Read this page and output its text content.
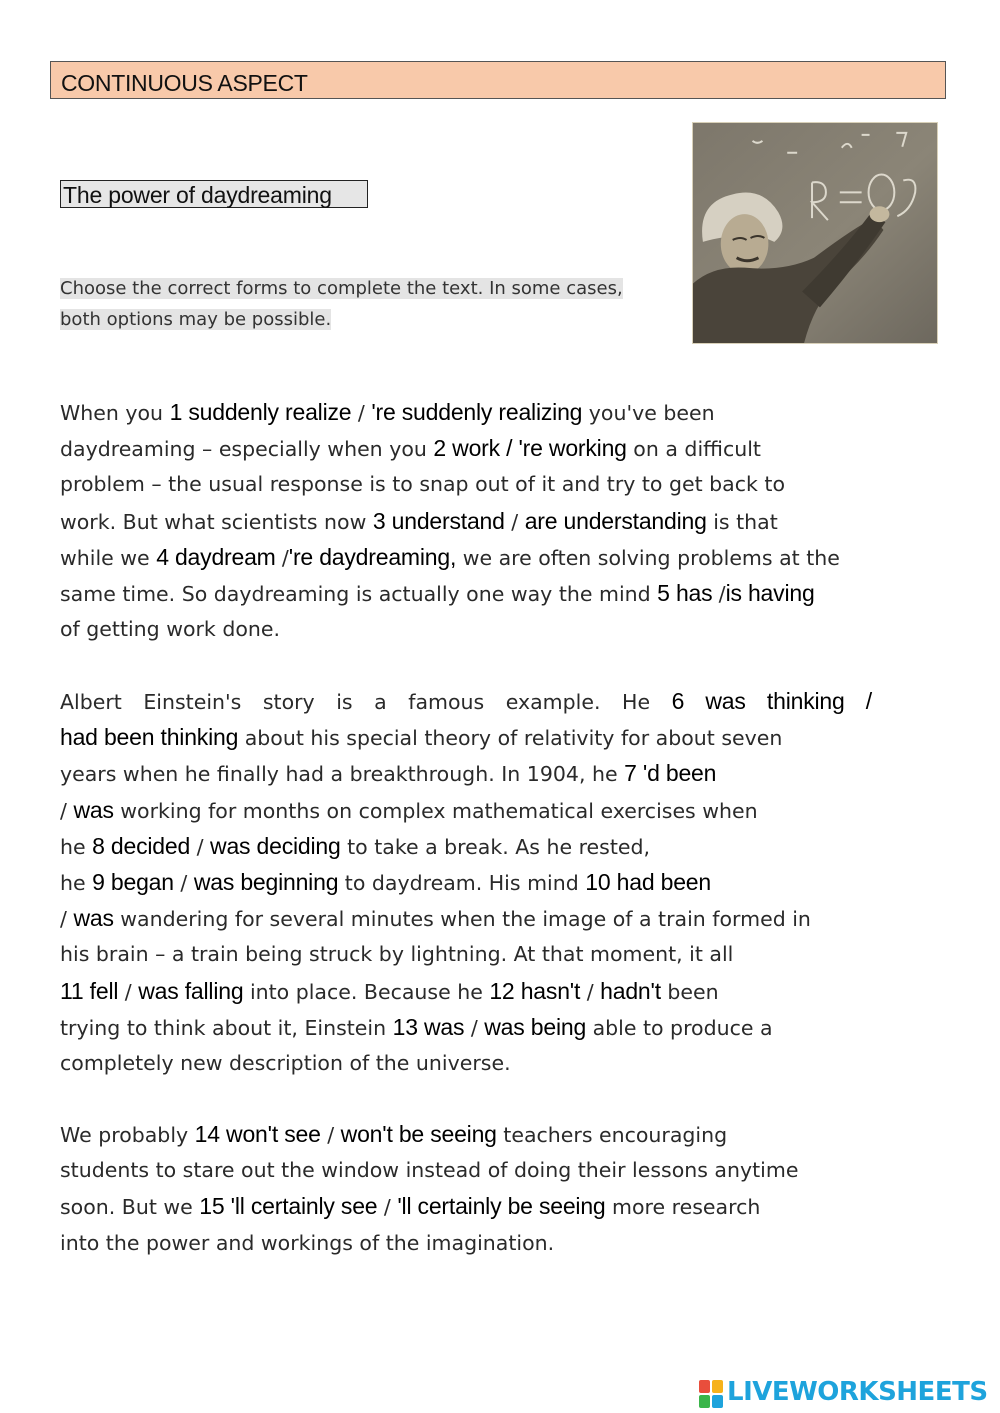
CONTINUOUS ASPECT
The power of daydreaming
Choose the correct forms to complete the text. In some cases,
both options may be possible.
When you 1 suddenly realize / 're suddenly realizing you've been
daydreaming – especially when you 2 work / 're working on a difficult
problem – the usual response is to snap out of it and try to get back to
work. But what scientists now 3 understand / are understanding is that
while we 4 daydream /'re daydreaming, we are often solving problems at the
same time. So daydreaming is actually one way the mind 5 has /is having
of getting work done.
Albert Einstein's story is a famous example. He 6 was thinking /
had been thinking about his special theory of relativity for about seven
years when he finally had a breakthrough. In 1904, he 7 'd been
/ was working for months on complex mathematical exercises when
he 8 decided / was deciding to take a break. As he rested,
he 9 began / was beginning to daydream. His mind 10 had been
/ was wandering for several minutes when the image of a train formed in
his brain – a train being struck by lightning. At that moment, it all
11 fell / was falling into place. Because he 12 hasn't / hadn't been
trying to think about it, Einstein 13 was / was being able to produce a
completely new description of the universe.
We probably 14 won't see / won't be seeing teachers encouraging
students to stare out the window instead of doing their lessons anytime
soon. But we 15 'll certainly see / 'll certainly be seeing more research
into the power and workings of the imagination.
LIVEWORKSHEETS
